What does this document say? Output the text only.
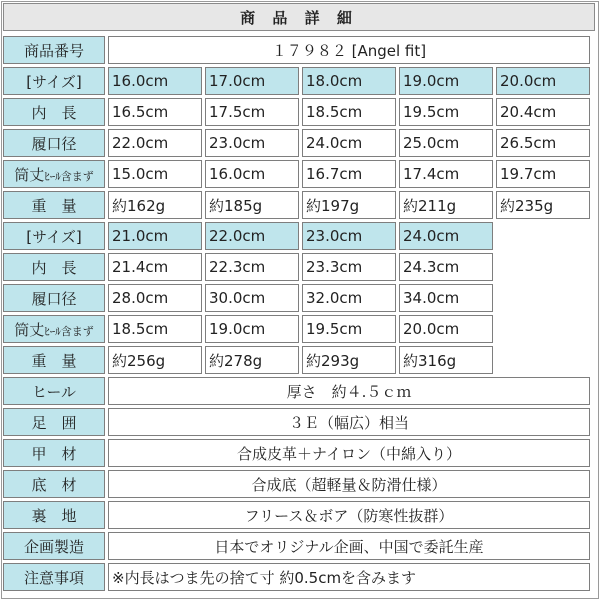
商 品 詳 細
商品番号	１７９８２ [Angel fit]				
[サイズ]	16.0cm	17.0cm	18.0cm	19.0cm	20.0cm
内　長	16.5cm	17.5cm	18.5cm	19.5cm	20.4cm
履口径	22.0cm	23.0cm	24.0cm	25.0cm	26.5cm
筒丈ﾋｰﾙ含まず	15.0cm	16.0cm	16.7cm	17.4cm	19.7cm
重　量	約162g	約185g	約197g	約211g	約235g
[サイズ]	21.0cm	22.0cm	23.0cm	24.0cm	
内　長	21.4cm	22.3cm	23.3cm	24.3cm	
履口径	28.0cm	30.0cm	32.0cm	34.0cm	
筒丈ﾋｰﾙ含まず	18.5cm	19.0cm	19.5cm	20.0cm	
重　量	約256g	約278g	約293g	約316g	
ヒール	厚さ　約４.５ｃｍ				
足　囲	３Ｅ（幅広）相当				
甲　材	合成皮革＋ナイロン（中綿入り）				
底　材	合成底（超軽量＆防滑仕様）				
裏　地	フリース＆ボア（防寒性抜群）				
企画製造	日本でオリジナル企画、中国で委託生産				
注意事項	※内長はつま先の捨て寸 約0.5cmを含みます				
